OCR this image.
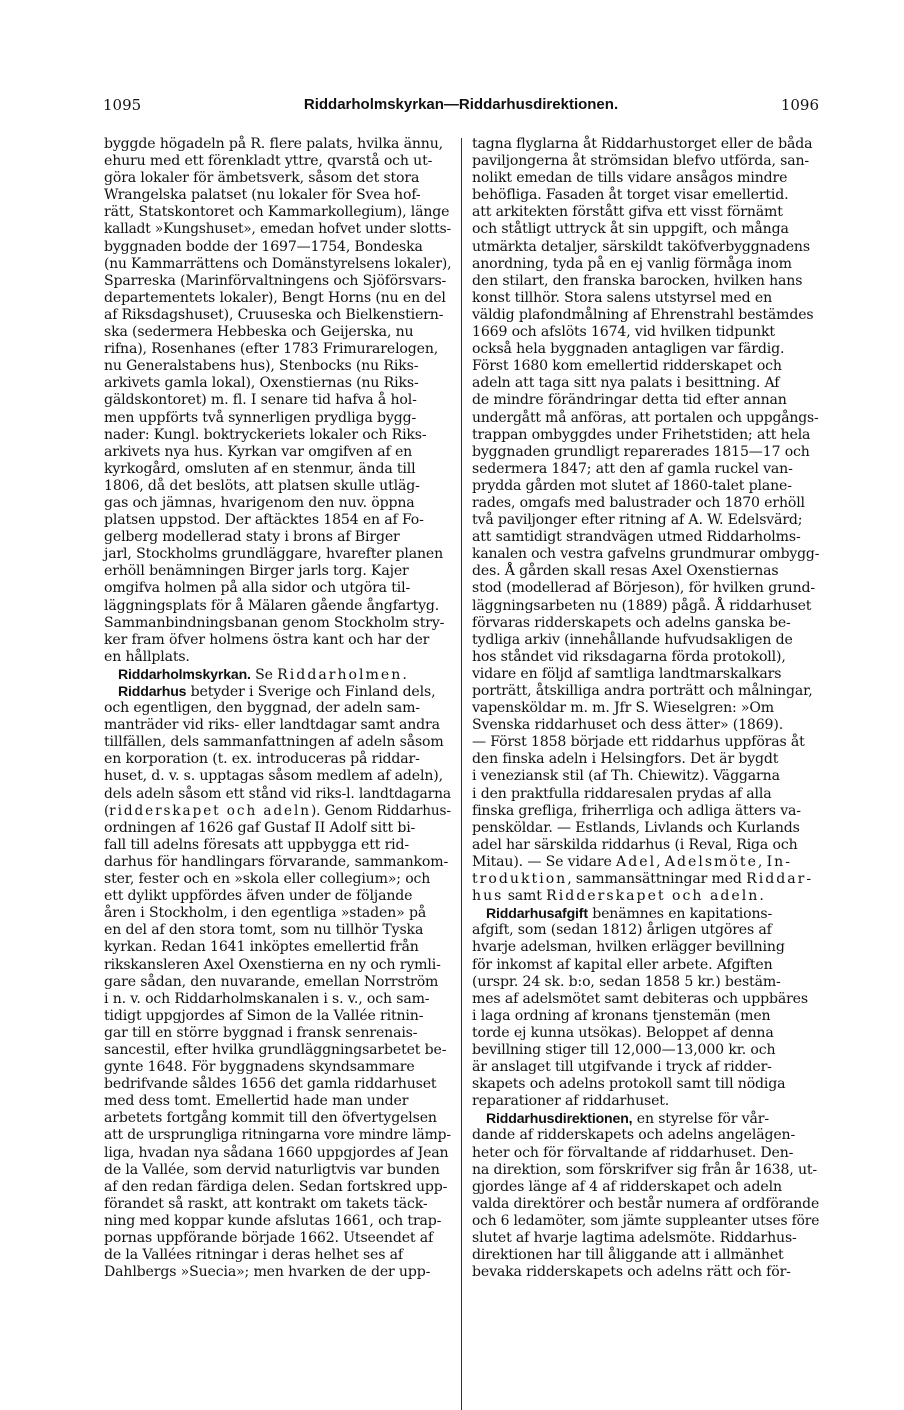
1095	Riddarholmskyrkan—Riddarhusdirektionen.	1096
byggde högadeln på R. flere palats, hvilka ännu,
ehuru med ett förenkladt yttre, qvarstå och ut-
göra lokaler för ämbetsverk, såsom det stora
Wrangelska palatset (nu lokaler för Svea hof-
rätt, Statskontoret och Kammarkollegium), länge
kalladt »Kungshuset», emedan hofvet under slotts-
byggnaden bodde der 1697—1754, Bondeska
(nu Kammarrättens och Domänstyrelsens lokaler),
Sparreska (Marinförvaltningens och Sjöförsvars-
departementets lokaler), Bengt Horns (nu en del
af Riksdagshuset), Cruuseska och Bielkenstiern-
ska (sedermera Hebbeska och Geijerska, nu
rifna), Rosenhanes (efter 1783 Frimurarelogen,
nu Generalstabens hus), Stenbocks (nu Riks-
arkivets gamla lokal), Oxenstiernas (nu Riks-
gäldskontoret) m. fl. I senare tid hafva å hol-
men uppförts två synnerligen prydliga bygg-
nader: Kungl. boktryckeriets lokaler och Riks-
arkivets nya hus. Kyrkan var omgifven af en
kyrkogård, omsluten af en stenmur, ända till
1806, då det beslöts, att platsen skulle utläg-
gas och jämnas, hvarigenom den nuv. öppna
platsen uppstod. Der aftäcktes 1854 en af Fo-
gelberg modellerad staty i brons af Birger
jarl, Stockholms grundläggare, hvarefter planen
erhöll benämningen Birger jarls torg. Kajer
omgifva holmen på alla sidor och utgöra til-
läggningsplats för å Mälaren gående ångfartyg.
Sammanbindningsbanan genom Stockholm stry-
ker fram öfver holmens östra kant och har der
en hållplats.
Riddarholmskyrkan. Se Riddarholmen.
Riddarhus betyder i Sverige och Finland dels,
och egentligen, den byggnad, der adeln sam-
manträder vid riks- eller landtdagar samt andra
tillfällen, dels sammanfattningen af adeln såsom
en korporation (t. ex. introduceras på riddar-
huset, d. v. s. upptagas såsom medlem af adeln),
dels adeln såsom ett stånd vid riks-l. landtdagarna
(ridderskapet och adeln). Genom Riddarhus-
ordningen af 1626 gaf Gustaf II Adolf sitt bi-
fall till adelns föresats att uppbygga ett rid-
darhus för handlingars förvarande, sammankom-
ster, fester och en »skola eller collegium»; och
ett dylikt uppfördes äfven under de följande
åren i Stockholm, i den egentliga »staden» på
en del af den stora tomt, som nu tillhör Tyska
kyrkan. Redan 1641 inköptes emellertid från
rikskansleren Axel Oxenstierna en ny och rymli-
gare sådan, den nuvarande, emellan Norrström
i n. v. och Riddarholmskanalen i s. v., och sam-
tidigt uppgjordes af Simon de la Vallée ritnin-
gar till en större byggnad i fransk senrenais-
sancestil, efter hvilka grundläggningsarbetet be-
gynte 1648. För byggnadens skyndsammare
bedrifvande såldes 1656 det gamla riddarhuset
med dess tomt. Emellertid hade man under
arbetets fortgång kommit till den öfvertygelsen
att de ursprungliga ritningarna vore mindre lämp-
liga, hvadan nya sådana 1660 uppgjordes af Jean
de la Vallée, som dervid naturligtvis var bunden
af den redan färdiga delen. Sedan fortskred upp-
förandet så raskt, att kontrakt om takets täck-
ning med koppar kunde afslutas 1661, och trap-
pornas uppförande började 1662. Utseendet af
de la Vallées ritningar i deras helhet ses af
Dahlbergs »Suecia»; men hvarken de der upp-
tagna flyglarna åt Riddarhustorget eller de båda
paviljongerna åt strömsidan blefvo utförda, san-
nolikt emedan de tills vidare ansågos mindre
behöfliga. Fasaden åt torget visar emellertid.
att arkitekten förstått gifva ett visst förnämt
och ståtligt uttryck åt sin uppgift, och många
utmärkta detaljer, särskildt taköfverbyggnadens
anordning, tyda på en ej vanlig förmåga inom
den stilart, den franska barocken, hvilken hans
konst tillhör. Stora salens utstyrsel med en
väldig plafondmålning af Ehrenstrahl bestämdes
1669 och afslöts 1674, vid hvilken tidpunkt
också hela byggnaden antagligen var färdig.
Först 1680 kom emellertid ridderskapet och
adeln att taga sitt nya palats i besittning. Af
de mindre förändringar detta tid efter annan
undergått må anföras, att portalen och uppgångs-
trappan ombyggdes under Frihetstiden; att hela
byggnaden grundligt reparerades 1815—17 och
sedermera 1847; att den af gamla ruckel van-
prydda gården mot slutet af 1860-talet plane-
rades, omgafs med balustrader och 1870 erhöll
två paviljonger efter ritning af A. W. Edelsvärd;
att samtidigt strandvägen utmed Riddarholms-
kanalen och vestra gafvelns grundmurar ombygg-
des. Å gården skall resas Axel Oxenstiernas
stod (modellerad af Börjeson), för hvilken grund-
läggningsarbeten nu (1889) pågå. Å riddarhuset
förvaras ridderskapets och adelns ganska be-
tydliga arkiv (innehållande hufvudsakligen de
hos ståndet vid riksdagarna förda protokoll),
vidare en följd af samtliga landtmarskalkars
porträtt, åtskilliga andra porträtt och målningar,
vapensköldar m. m. Jfr S. Wieselgren: »Om
Svenska riddarhuset och dess ätter» (1869).
— Först 1858 började ett riddarhus uppföras åt
den finska adeln i Helsingfors. Det är bygdt
i veneziansk stil (af Th. Chiewitz). Väggarna
i den praktfulla riddaresalen prydas af alla
finska grefliga, friherrliga och adliga ätters va-
pensköldar. — Estlands, Livlands och Kurlands
adel har särskilda riddarhus (i Reval, Riga och
Mitau). — Se vidare Adel, Adelsmöte, In-
troduktion, sammansättningar med Riddar-
hus samt Ridderskapet och adeln.
Riddarhusafgift benämnes en kapitations-
afgift, som (sedan 1812) årligen utgöres af
hvarje adelsman, hvilken erlägger bevillning
för inkomst af kapital eller arbete. Afgiften
(urspr. 24 sk. b:o, sedan 1858 5 kr.) bestäm-
mes af adelsmötet samt debiteras och uppbäres
i laga ordning af kronans tjenstemän (men
torde ej kunna utsökas). Beloppet af denna
bevillning stiger till 12,000—13,000 kr. och
är anslaget till utgifvande i tryck af ridder-
skapets och adelns protokoll samt till nödiga
reparationer af riddarhuset.
Riddarhusdirektionen, en styrelse för vår-
dande af ridderskapets och adelns angelägen-
heter och för förvaltande af riddarhuset. Den-
na direktion, som förskrifver sig från år 1638, ut-
gjordes länge af 4 af ridderskapet och adeln
valda direktörer och består numera af ordförande
och 6 ledamöter, som jämte suppleanter utses före
slutet af hvarje lagtima adelsmöte. Riddarhus-
direktionen har till åliggande att i allmänhet
bevaka ridderskapets och adelns rätt och för-
